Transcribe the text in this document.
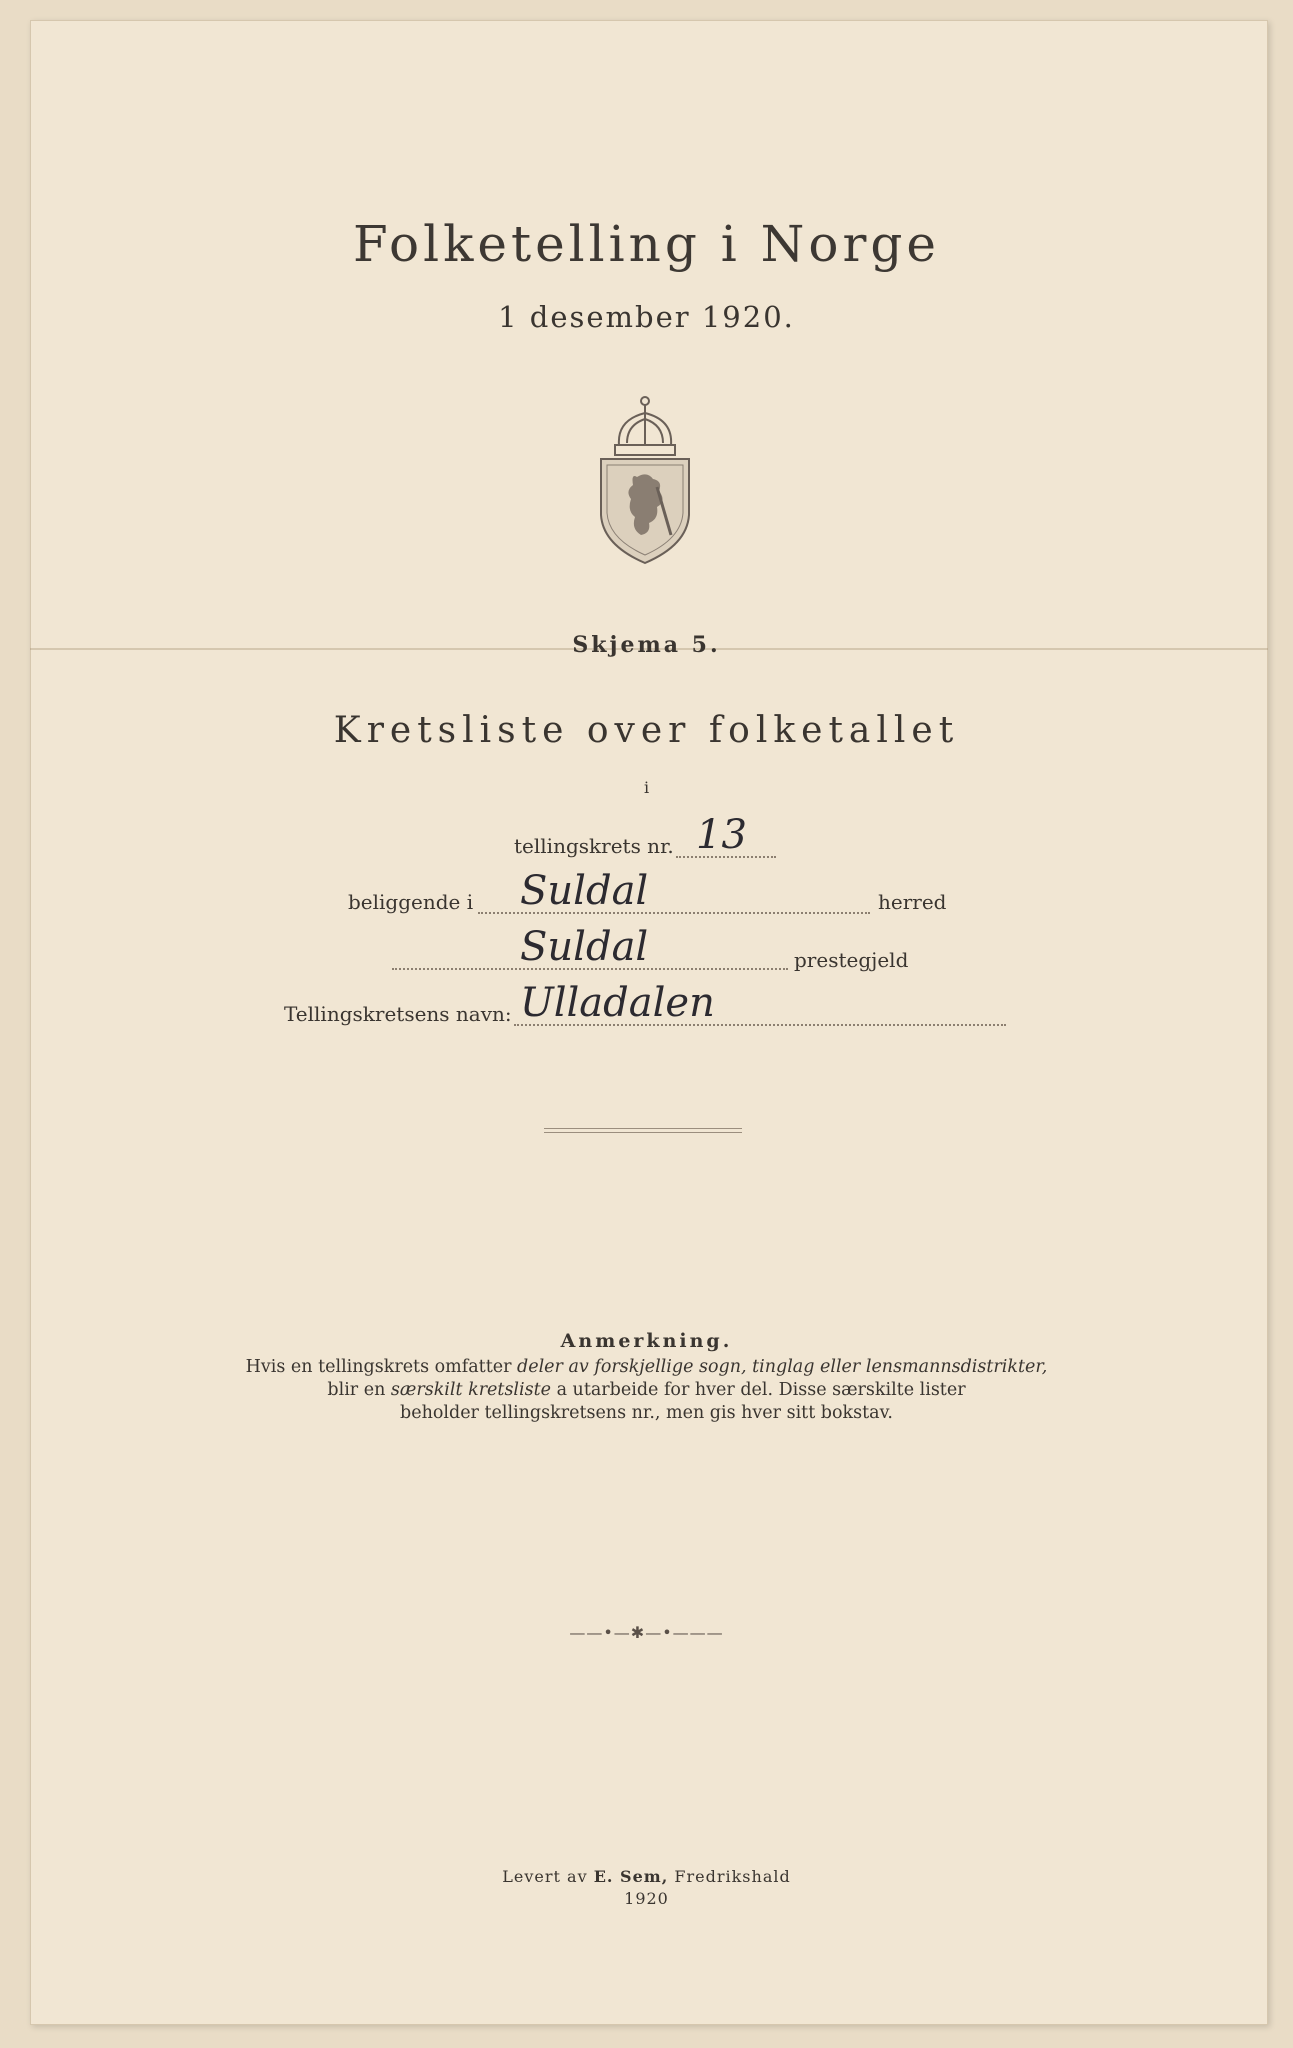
Folketelling i Norge
1 desember 1920.
Skjema 5.
Kretsliste over folketallet
i
tellingskrets nr. 13
beliggende i Suldal	herred
Suldal	prestegjeld
Tellingskretsens navn: Ulladalen
Anmerkning.
Hvis en tellingskrets omfatter deler av forskjellige sogn, tinglag eller lensmannsdistrikter,
blir en særskilt kretsliste a utarbeide for hver del. Disse særskilte lister
beholder tellingskretsens nr., men gis hver sitt bokstav.
——•—✱—•———
Levert av E. Sem, Fredrikshald
1920
